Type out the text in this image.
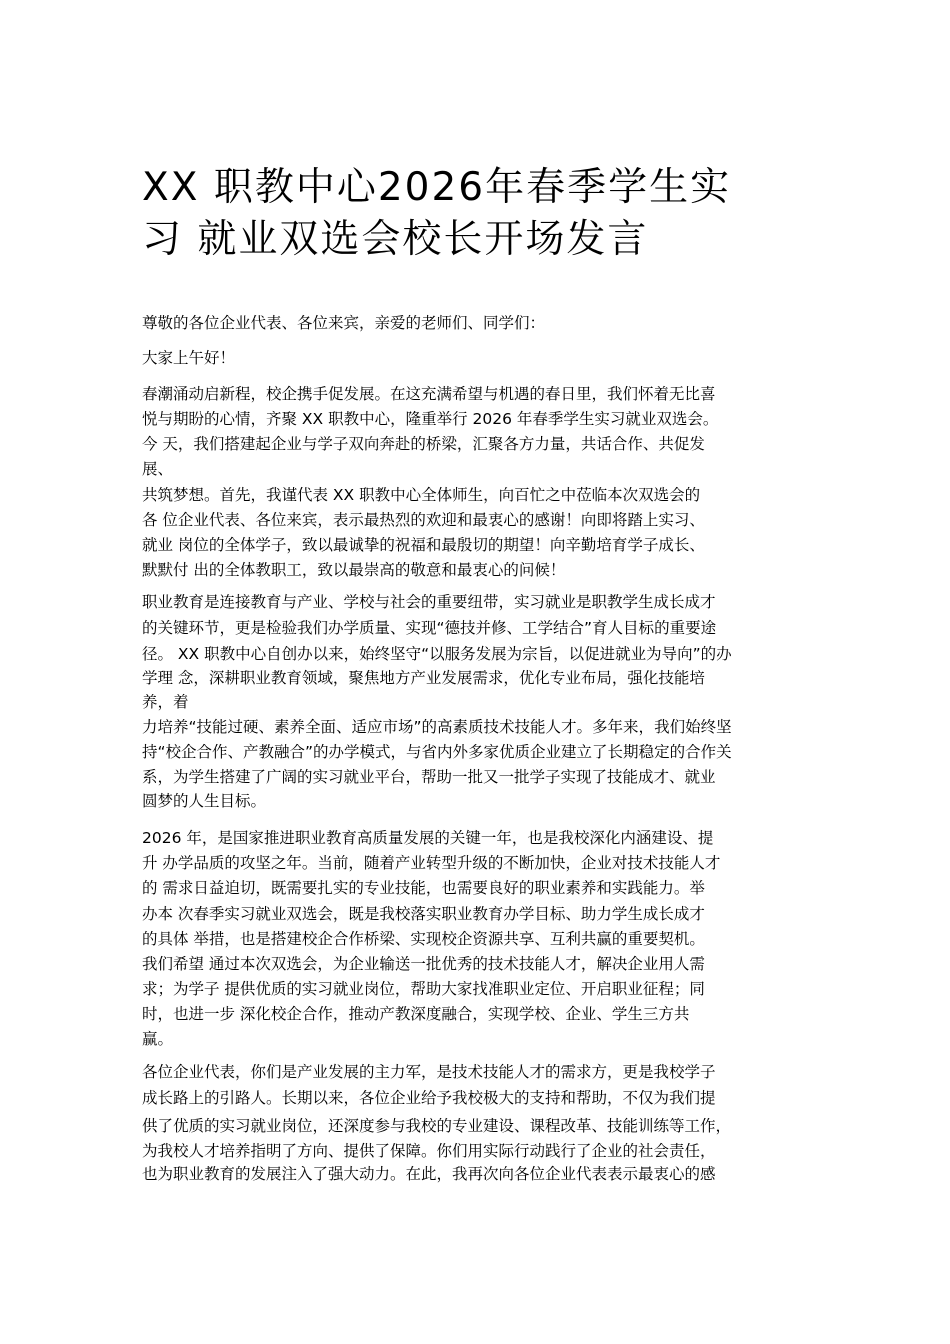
XX 职教中心2026年春季学生实
习 就业双选会校长开场发言
尊敬的各位企业代表、各位来宾，亲爱的老师们、同学们：
大家上午好！
春潮涌动启新程，校企携手促发展。在这充满希望与机遇的春日里，我们怀着无比喜
悦与期盼的心情，齐聚 XX 职教中心，隆重举行 2026 年春季学生实习就业双选会。
今 天，我们搭建起企业与学子双向奔赴的桥梁，汇聚各方力量，共话合作、共促发
展、
共筑梦想。首先，我谨代表 XX 职教中心全体师生，向百忙之中莅临本次双选会的
各 位企业代表、各位来宾，表示最热烈的欢迎和最衷心的感谢！向即将踏上实习、
就业 岗位的全体学子，致以最诚挚的祝福和最殷切的期望！向辛勤培育学子成长、
默默付 出的全体教职工，致以最崇高的敬意和最衷心的问候！
职业教育是连接教育与产业、学校与社会的重要纽带，实习就业是职教学生成长成才
的关键环节，更是检验我们办学质量、实现“德技并修、工学结合”育人目标的重要途
径。 XX 职教中心自创办以来，始终坚守“以服务发展为宗旨，以促进就业为导向”的办
学理 念，深耕职业教育领域，聚焦地方产业发展需求，优化专业布局，强化技能培
养，着
力培养“技能过硬、素养全面、适应市场”的高素质技术技能人才。多年来，我们始终坚
持“校企合作、产教融合”的办学模式，与省内外多家优质企业建立了长期稳定的合作关
系，为学生搭建了广阔的实习就业平台，帮助一批又一批学子实现了技能成才、就业
圆梦的人生目标。
2026 年，是国家推进职业教育高质量发展的关键一年，也是我校深化内涵建设、提
升 办学品质的攻坚之年。当前，随着产业转型升级的不断加快，企业对技术技能人才
的 需求日益迫切，既需要扎实的专业技能，也需要良好的职业素养和实践能力。举
办本 次春季实习就业双选会，既是我校落实职业教育办学目标、助力学生成长成才
的具体 举措，也是搭建校企合作桥梁、实现校企资源共享、互利共赢的重要契机。
我们希望 通过本次双选会，为企业输送一批优秀的技术技能人才，解决企业用人需
求；为学子 提供优质的实习就业岗位，帮助大家找准职业定位、开启职业征程；同
时，也进一步 深化校企合作，推动产教深度融合，实现学校、企业、学生三方共
赢。
各位企业代表，你们是产业发展的主力军，是技术技能人才的需求方，更是我校学子
成长路上的引路人。长期以来，各位企业给予我校极大的支持和帮助，不仅为我们提
供了优质的实习就业岗位，还深度参与我校的专业建设、课程改革、技能训练等工作，
为我校人才培养指明了方向、提供了保障。你们用实际行动践行了企业的社会责任，
也为职业教育的发展注入了强大动力。在此，我再次向各位企业代表表示最衷心的感
